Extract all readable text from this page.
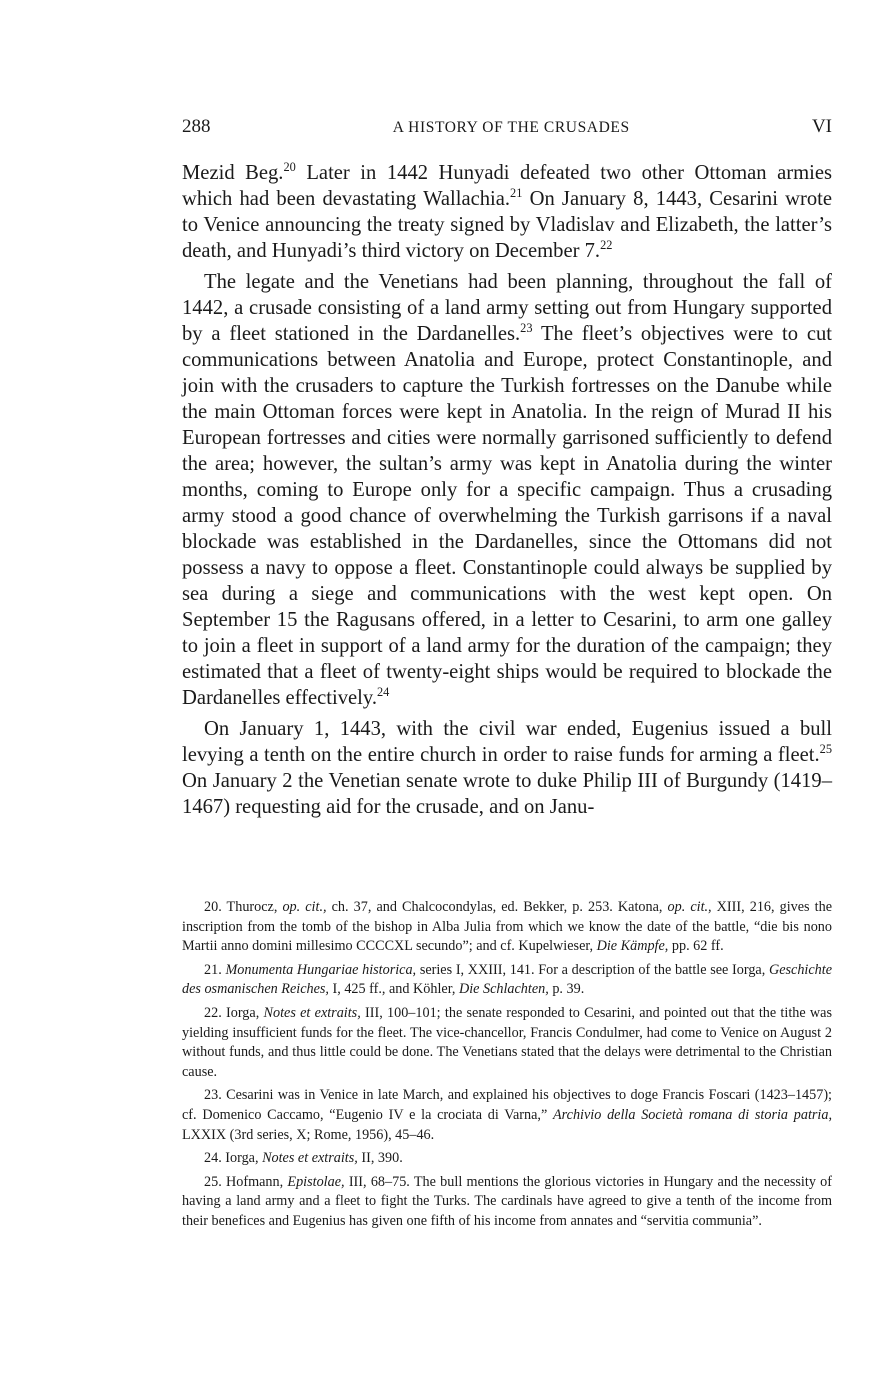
288	A HISTORY OF THE CRUSADES	VI

Mezid Beg.$^{20}$ Later in 1442 Hunyadi defeated two other Ottoman armies which had been devastating Wallachia.$^{21}$ On January 8, 1443, Cesarini wrote to Venice announcing the treaty signed by Vladislav and Elizabeth, the latter’s death, and Hunyadi’s third victory on December 7.22

The legate and the Venetians had been planning, throughout the fall of 1442, a crusade consisting of a land army setting out from Hungary supported by a fleet stationed in the Dardanelles.$^{23}$ The fleet’s objectives were to cut communications between Anatolia and Europe, protect Constantinople, and join with the crusaders to capture the Turkish fortresses on the Danube while the main Ottoman forces were kept in Anatolia. In the reign of Murad II his European fortresses and cities were normally garrisoned sufficiently to defend the area; however, the sultan’s army was kept in Anatolia during the winter months, coming to Europe only for a specific campaign. Thus a crusading army stood a good chance of overwhelming the Turkish garrisons if a naval blockade was established in the Dardanelles, since the Ottomans did not possess a navy to oppose a fleet. Constantinople could always be supplied by sea during a siege and communications with the west kept open. On September 15 the Ragusans offered, in a letter to Cesarini, to arm one galley to join a fleet in support of a land army for the duration of the campaign; they estimated that a fleet of twenty-eight ships would be required to blockade the Dardanelles effectively.$^{24}$

On January 1, 1443, with the civil war ended, Eugenius issued a bull levying a tenth on the entire church in order to raise funds for arming a fleet.$^{25}$ On January 2 the Venetian senate wrote to duke Philip III of Burgundy (1419–1467) requesting aid for the crusade, and on Janu-

20. Thurocz, op. cit., ch. 37, and Chalcocondylas, ed. Bekker, p. 253. Katona, op. cit., XIII, 216, gives the inscription from the tomb of the bishop in Alba Julia from which we know the date of the battle, “die bis nono Martii anno domini millesimo CCCCXL secundo”; and cf. Kupelwieser, Die Kämpfe, pp. 62 ff.

21. Monumenta Hungariae historica, series I, XXIII, 141. For a description of the battle see Iorga, Geschichte des osmanischen Reiches, I, 425 ff., and Köhler, Die Schlachten, p. 39.

22. Iorga, Notes et extraits, III, 100–101; the senate responded to Cesarini, and pointed out that the tithe was yielding insufficient funds for the fleet. The vice-chancellor, Francis Condulmer, had come to Venice on August 2 without funds, and thus little could be done. The Venetians stated that the delays were detrimental to the Christian cause.

23. Cesarini was in Venice in late March, and explained his objectives to doge Francis Foscari (1423–1457); cf. Domenico Caccamo, “Eugenio IV e la crociata di Varna,” Archivio della Società romana di storia patria, LXXIX (3rd series, X; Rome, 1956), 45–46.

24. Iorga, Notes et extraits, II, 390.

25. Hofmann, Epistolae, III, 68–75. The bull mentions the glorious victories in Hungary and the necessity of having a land army and a fleet to fight the Turks. The cardinals have agreed to give a tenth of the income from their benefices and Eugenius has given one fifth of his income from annates and “servitia communia”.
